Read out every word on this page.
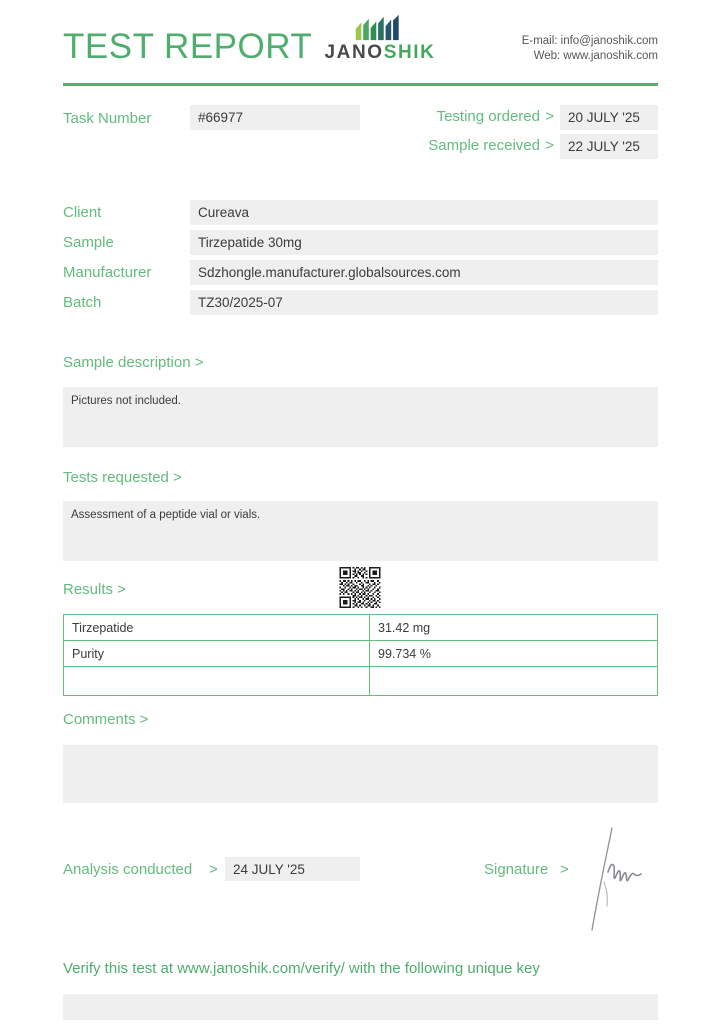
TEST REPORT JANOSHIK
E-mail: info@janoshik.com
Web: www.janoshik.com
Task Number	#66977	Testing ordered >	20 JULY '25
Sample received >	22 JULY '25
Client	Cureava
Sample	Tirzepatide 30mg
Manufacturer	Sdzhongle.manufacturer.globalsources.com
Batch	TZ30/2025-07
Sample description >
Pictures not included.
Tests requested >
Assessment of a peptide vial or vials.
Results >
Tirzepatide	31.42 mg
Purity	99.734 %

Comments >
Analysis conducted >	24 JULY '25	Signature >
Verify this test at www.janoshik.com/verify/ with the following unique key
